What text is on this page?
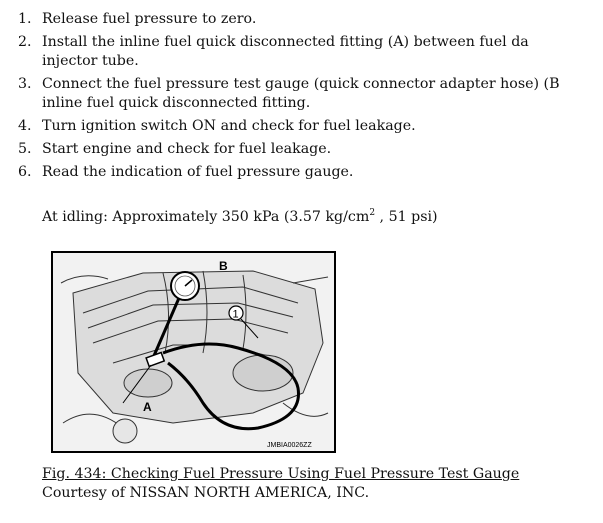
1. Release fuel pressure to zero.
2. Install the inline fuel quick disconnected fitting (A) between fuel da
injector tube.
3. Connect the fuel pressure test gauge (quick connector adapter hose) (B
inline fuel quick disconnected fitting.
4. Turn ignition switch ON and check for fuel leakage.
5. Start engine and check for fuel leakage.
6. Read the indication of fuel pressure gauge.
At idling: Approximately 350 kPa (3.57 $kg/cm^2$ , 51 psi)
B
A
1
JMBIA0026ZZ
Fig. 434: Checking Fuel Pressure Using Fuel Pressure Test Gauge
Courtesy of NISSAN NORTH AMERICA, INC.
